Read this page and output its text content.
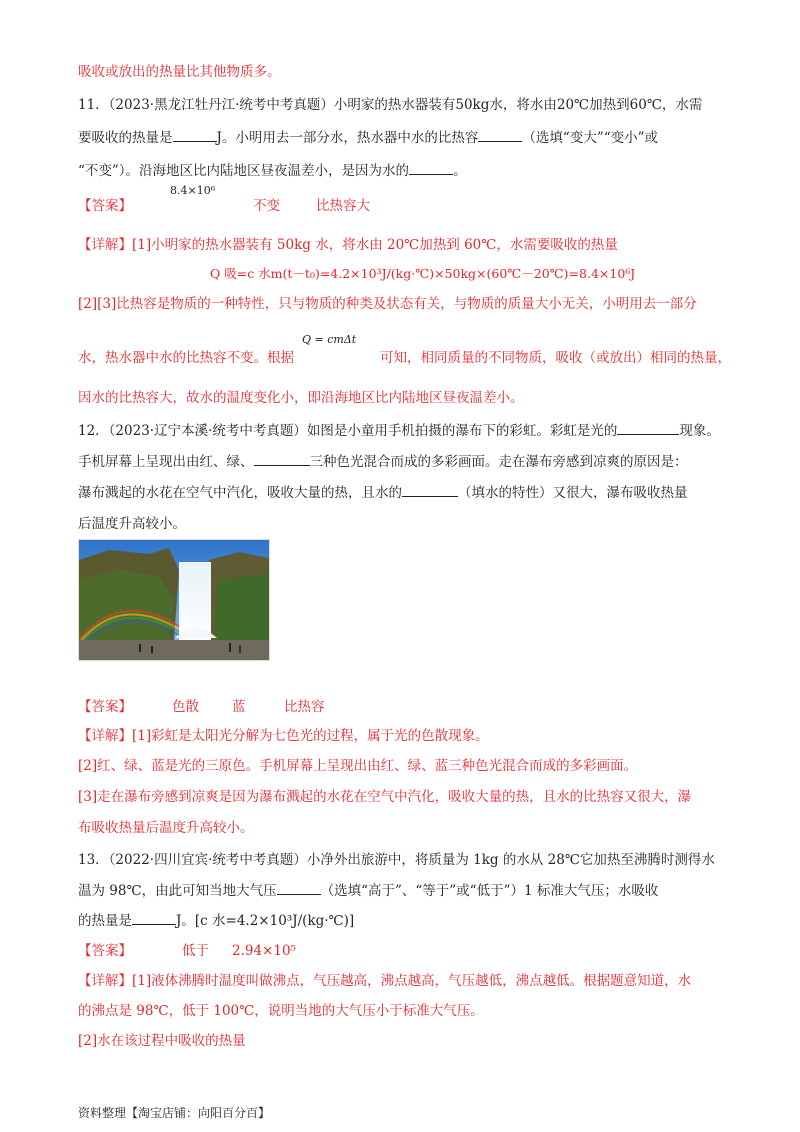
吸收或放出的热量比其他物质多。

11．（2023·黑龙江牡丹江·统考中考真题）小明家的热水器装有50kg水，将水由20℃加热到60℃，水需

要吸收的热量是	J。小明用去一部分水，热水器中水的比热容	（选填“变大”“变小”或

“不变”）。沿海地区比内陆地区昼夜温差小，是因为水的	。

【答案】

8.4×10⁶
不变	比热容大

【详解】[1]小明家的热水器装有 50kg 水，将水由 20℃加热到 60℃，水需要吸收的热量

Q 吸=c 水m(t－t₀)=4.2×10³J/(kg·℃)×50kg×(60℃－20℃)=8.4×10⁶J

[2][3]比热容是物质的一种特性，只与物质的种类及状态有关，与物质的质量大小无关，小明用去一部分

水，热水器中水的比热容不变。根据	可知，相同质量的不同物质，吸收（或放出）相同的热量，

Q = cmΔt

因水的比热容大，故水的温度变化小，即沿海地区比内陆地区昼夜温差小。

12．（2023·辽宁本溪·统考中考真题）如图是小童用手机拍摄的瀑布下的彩虹。彩虹是光的	现象。

手机屏幕上呈现出由红、绿、	三种色光混合而成的多彩画面。走在瀑布旁感到凉爽的原因是：

瀑布溅起的水花在空气中汽化，吸收大量的热，且水的	（填水的特性）又很大，瀑布吸收热量

后温度升高较小。

【答案】	色散 蓝	比热容

【详解】[1]彩虹是太阳光分解为七色光的过程，属于光的色散现象。

[2]红、绿、蓝是光的三原色。手机屏幕上呈现出由红、绿、蓝三种色光混合而成的多彩画面。

[3]走在瀑布旁感到凉爽是因为瀑布溅起的水花在空气中汽化，吸收大量的热，且水的比热容又很大，瀑

布吸收热量后温度升高较小。

13．（2022·四川宜宾·统考中考真题）小净外出旅游中，将质量为 1kg 的水从 28℃它加热至沸腾时测得水

温为 98℃，由此可知当地大气压	（选填“高于”、“等于”或“低于”）1 标准大气压；水吸收

的热量是	J。[c 水=4.2×10³J/(kg·℃)]

【答案】	低于 2.94×10⁵

【详解】[1]液体沸腾时温度叫做沸点，气压越高，沸点越高，气压越低，沸点越低。根据题意知道，水

的沸点是 98℃，低于 100℃，说明当地的大气压小于标准大气压。

[2]水在该过程中吸收的热量

资料整理【淘宝店铺：向阳百分百】
